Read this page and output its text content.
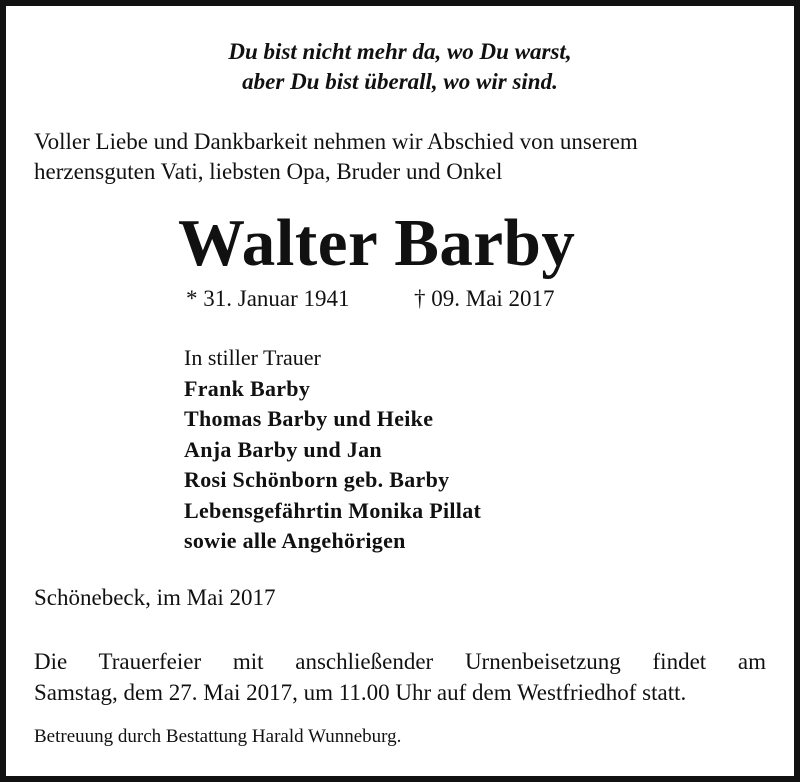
Du bist nicht mehr da, wo Du warst,

aber Du bist überall, wo wir sind.

Voller Liebe und Dankbarkeit nehmen wir Abschied von unserem

herzensguten Vati, liebsten Opa, Bruder und Onkel

Walter Barby
* 31. Januar 1941	† 09. Mai 2017

In stiller Trauer

Frank Barby

Thomas Barby und Heike

Anja Barby und Jan

Rosi Schönborn geb. Barby

Lebensgefährtin Monika Pillat

sowie alle Angehörigen

Schönebeck, im Mai 2017

Die Trauerfeier mit anschließender Urnenbeisetzung findet am
Samstag, dem 27. Mai 2017, um 11.00 Uhr auf dem Westfriedhof statt.

Betreuung durch Bestattung Harald Wunneburg.
